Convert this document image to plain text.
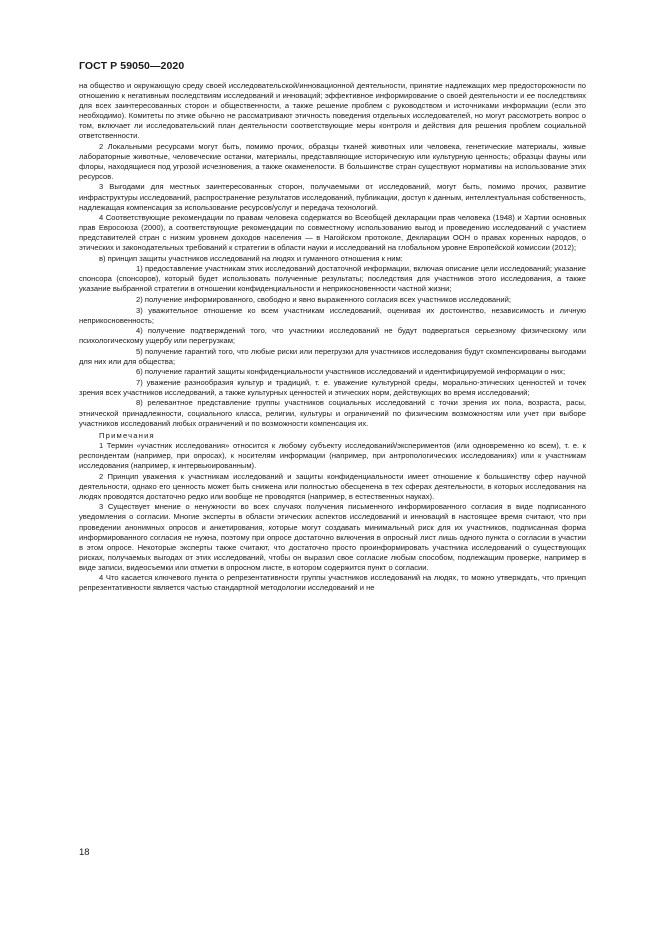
ГОСТ Р 59050—2020

на общество и окружающую среду своей исследовательской/инновационной деятельности, принятие надлежащих мер предосторожности по отношению к негативным последствиям исследований и инноваций; эффективное информирование о своей деятельности и ее последствиях для всех заинтересованных сторон и общественности, а также решение проблем с руководством и источниками информации (если это необходимо). Комитеты по этике обычно не рассматривают этичность поведения отдельных исследователей, но могут рассмотреть вопрос о том, включает ли исследовательский план деятельности соответствующие меры контроля и действия для решения проблем социальной ответственности.

2 Локальными ресурсами могут быть, помимо прочих, образцы тканей животных или человека, генетические материалы, живые лабораторные животные, человеческие останки, материалы, представляющие историческую или культурную ценность; образцы фауны или флоры, находящиеся под угрозой исчезновения, а также окаменелости. В большинстве стран существуют нормативы на использование этих ресурсов.

3 Выгодами для местных заинтересованных сторон, получаемыми от исследований, могут быть, помимо прочих, развитие инфраструктуры исследований, распространение результатов исследований, публикации, доступ к данным, интеллектуальная собственность, надлежащая компенсация за использование ресурсов/услуг и передача технологий.

4 Соответствующие рекомендации по правам человека содержатся во Всеобщей декларации прав человека (1948) и Хартии основных прав Евросоюза (2000), а соответствующие рекомендации по совместному использованию выгод и проведению исследований с участием представителей стран с низким уровнем доходов населения — в Нагойском протоколе, Декларации ООН о правах коренных народов, о этических и законодательных требований к стратегии в области науки и исследований на глобальном уровне Европейской комиссии (2012);

в) принцип защиты участников исследований на людях и гуманного отношения к ним:

1) предоставление участникам этих исследований достаточной информации, включая описание цели исследований; указание спонсора (спонсоров), который будет использовать полученные результаты; последствия для участников этого исследования, а также указание выбранной стратегии в отношении конфиденциальности и неприкосновенности частной жизни;

2) получение информированного, свободно и явно выраженного согласия всех участников исследований;

3) уважительное отношение ко всем участникам исследований, оценивая их достоинство, независимость и личную неприкосновенность;

4) получение подтверждений того, что участники исследований не будут подвергаться серьезному физическому или психологическому ущербу или перегрузкам;

5) получение гарантий того, что любые риски или перегрузки для участников исследования будут скомпенсированы выгодами для них или для общества;

6) получение гарантий защиты конфиденциальности участников исследований и идентифицируемой информации о них;

7) уважение разнообразия культур и традиций, т. е. уважение культурной среды, морально-этических ценностей и точек зрения всех участников исследований, а также культурных ценностей и этических норм, действующих во время исследований;

8) релевантное представление группы участников социальных исследований с точки зрения их пола, возраста, расы, этнической принадлежности, социального класса, религии, культуры и ограничений по физическим возможностям или учет при выборе участников исследований любых ограничений и по возможности компенсация их.

Примечания

1 Термин «участник исследования» относится к любому субъекту исследований/экспериментов (или одновременно ко всем), т. е. к респондентам (например, при опросах), к носителям информации (например, при антропологических исследованиях) или к участникам исследования (например, к интервьюированным).

2 Принцип уважения к участникам исследований и защиты конфиденциальности имеет отношение к большинству сфер научной деятельности, однако его ценность может быть снижена или полностью обесценена в тех сферах деятельности, в которых исследования на людях проводятся достаточно редко или вообще не проводятся (например, в естественных науках).

3 Существует мнение о ненужности во всех случаях получения письменного информированного согласия в виде подписанного уведомления о согласии. Многие эксперты в области этических аспектов исследований и инноваций в настоящее время считают, что при проведении анонимных опросов и анкетирования, которые могут создавать минимальный риск для их участников, подписанная форма информированного согласия не нужна, поэтому при опросе достаточно включения в опросный лист лишь одного пункта о согласии в участии в этом опросе. Некоторые эксперты также считают, что достаточно просто проинформировать участника исследований о существующих рисках, получаемых выгодах от этих исследований, чтобы он выразил свое согласие любым способом, подлежащим проверке, например в виде записи, видеосъемки или отметки в опросном листе, в котором содержится пункт о согласии.

4 Что касается ключевого пункта о репрезентативности группы участников исследований на людях, то можно утверждать, что принцип репрезентативности является частью стандартной методологии исследований и не

18
